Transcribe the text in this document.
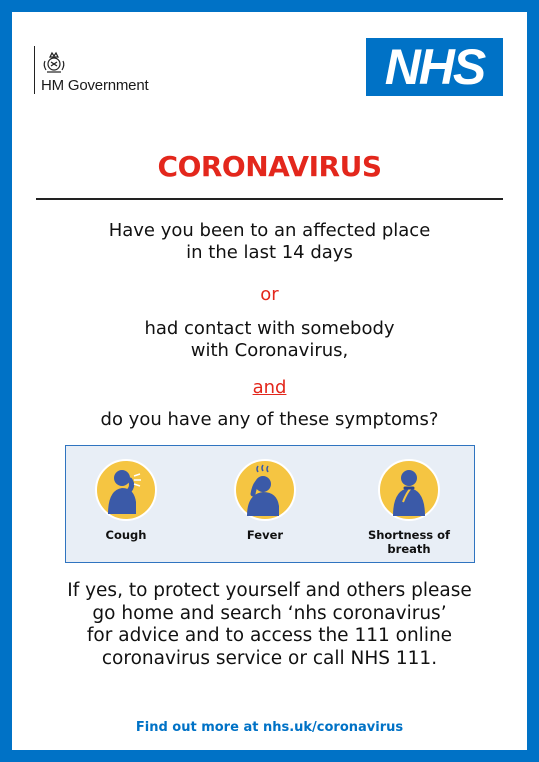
HM Government	NHS
CORONAVIRUS
Have you been to an affected place
in the last 14 days
or
had contact with somebody
with Coronavirus,
and
do you have any of these symptoms?
Cough	Fever	Shortness of
breath
If yes, to protect yourself and others please
go home and search ‘nhs coronavirus’
for advice and to access the 111 online
coronavirus service or call NHS 111.
Find out more at nhs.uk/coronavirus
